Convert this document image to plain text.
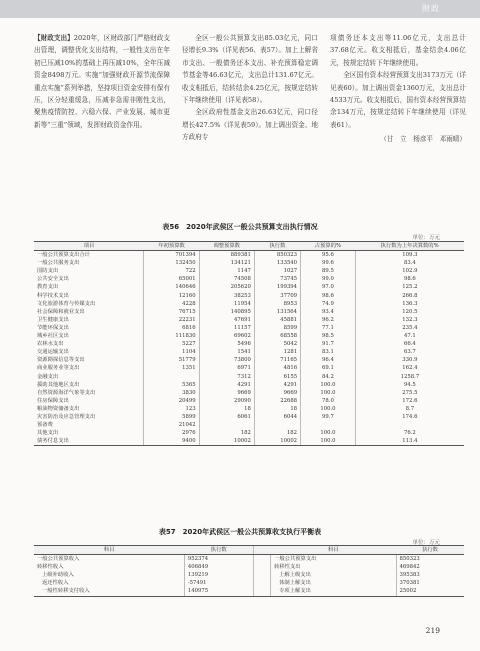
财政

【财政支出】2020年，区财政部门严格财政支出管理，调整优化支出结构，一般性支出在年初已压减10%的基础上再压减10%，全年压减资金8498万元。实施“加强财政开源节流保障重点实施”系列举措，坚持项目资金安排有保有压，区分轻重缓急，压减非急需非刚性支出，聚焦疫情防控、六稳六保、产业发展、城市更新等“三重”领域，发挥财政资金作用。

全区一般公共预算支出85.03亿元，同口径增长9.3%（详见表56、表57）。加上上解省市支出、一般债务还本支出、补充预算稳定调节基金等46.63亿元，支出总计131.67亿元。收支相抵后，结转结余4.25亿元，按规定结转下年继续使用（详见表58）。

全区政府性基金支出26.63亿元，同口径增长427.5%（详见表59）。加上调出资金、地方政府专

项债务还本支出等11.06亿元，支出总计37.68亿元。收支相抵后，基金结余4.06亿元，按规定结转下年继续使用。

全区国有资本经营预算支出3173万元（详见表60）。加上调出资金1360万元，支出总计4533万元。收支相抵后，国有资本经营预算结余134万元，按规定结转下年继续使用（详见表61）。

（甘　立　杨彦平　邓雨晴）

表56　2020年武侯区一般公共预算支出执行情况
单位：万元
项目	年初预算数	调整预算数	执行数	占预算的%	执行数为上年决算数的%
一般公共预算支出合计	701394	889381	850323	95.6	109.3
一般公共服务支出	132450	134121	133540	99.6	83.4
国防支出	722	1147	1027	89.5	102.9
公共安全支出	65001	74508	73745	99.0	98.6
教育支出	140646	205620	199394	97.0	125.2
科学技术支出	12160	38253	37709	98.6	266.8
文化旅游体育与传媒支出	4228	11954	8953	74.9	136.3
社会保障和就业支出	76715	140895	131564	93.4	120.5
卫生健康支出	22231	47691	45881	96.2	132.3
节能环保支出	6816	11157	8599	77.1	235.4
城乡社区支出	111830	69602	68558	98.5	47.1
农林水支出	5227	5496	5042	91.7	66.4
交通运输支出	1104	1541	1281	83.1	63.7
资源勘探信息等支出	51779	73800	71165	96.4	330.9
商业服务业等支出	1351	6971	4816	69.1	162.4
金融支出		7312	6155	84.2	1258.7
援助其他地区支出	5365	4291	4291	100.0	94.5
自然资源海洋气象等支出	3830	9669	9669	100.0	275.5
住房保障支出	20499	29090	22688	78.0	172.6
粮油物资储备支出	123	18	18	100.0	8.7
灾害防治及应急管理支出	5899	6061	6044	99.7	174.6
预备费	21042				
其他支出	2976	182	182	100.0	76.2
债务付息支出	9400	10002	10002	100.0	113.4
表57　2020年武侯区一般公共预算收支执行平衡表
单位：万元
科目	执行数		科目	执行数
一般公共预算收入	952374		一般公共预算支出	850323
转移性收入	406849		转移性支出	469842
上级补助收入	139219		上解上级支出	395383
返还性收入	-57491		体制上解支出	370381
一般性转移支付收入	140975		专项上解支出	25002
219
